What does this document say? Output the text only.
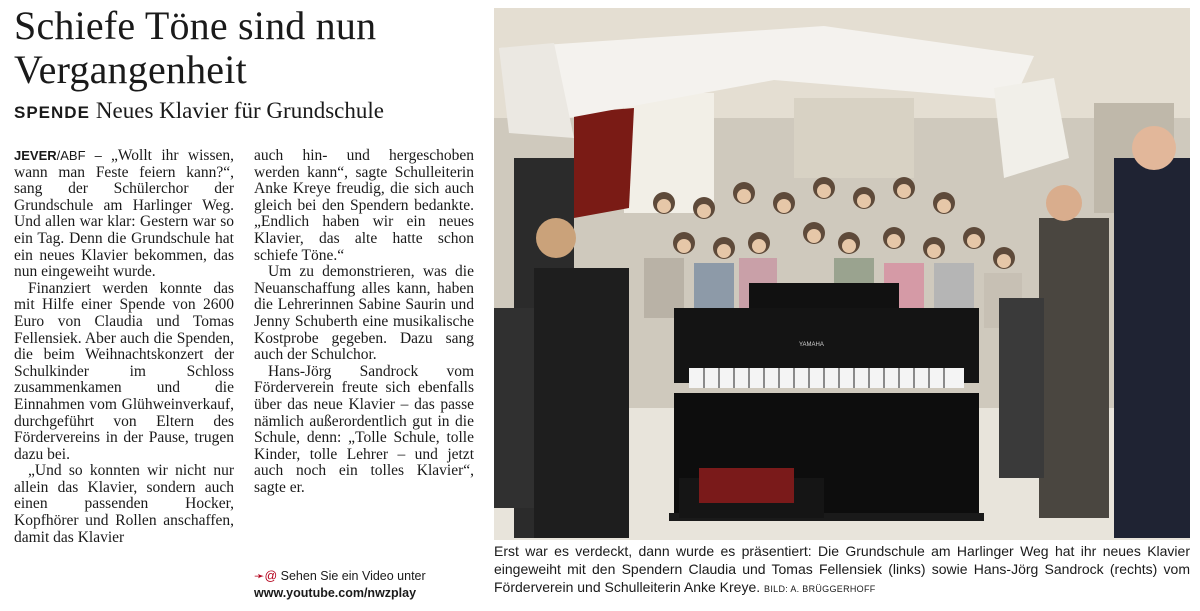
Schiefe Töne sind nun Vergangenheit
SPENDE Neues Klavier für Grundschule

JEVER/ABF – „Wollt ihr wissen, wann man Feste feiern kann?“, sang der Schülerchor der Grundschule am Harlinger Weg. Und allen war klar: Gestern war so ein Tag. Denn die Grundschule hat ein neues Klavier bekommen, das nun eingeweiht wurde.

Finanziert werden konnte das mit Hilfe einer Spende von 2600 Euro von Claudia und Tomas Fellensiek. Aber auch die Spenden, die beim Weihnachtskonzert der Schulkinder im Schloss zusammenkamen und die Einnahmen vom Glühweinverkauf, durchgeführt von Eltern des Fördervereins in der Pause, trugen dazu bei.

„Und so konnten wir nicht nur allein das Klavier, sondern auch einen passenden Hocker, Kopfhörer und Rollen anschaffen, damit das Klavier

auch hin- und hergeschoben werden kann“, sagte Schulleiterin Anke Kreye freudig, die sich auch gleich bei den Spendern bedankte. „Endlich haben wir ein neues Klavier, das alte hatte schon schiefe Töne.“

Um zu demonstrieren, was die Neuanschaffung alles kann, haben die Lehrerinnen Sabine Saurin und Jenny Schuberth eine musikalische Kostprobe gegeben. Dazu sang auch der Schulchor.

Hans-Jörg Sandrock vom Förderverein freute sich ebenfalls über das neue Klavier – das passe nämlich außerordentlich gut in die Schule, denn: „Tolle Schule, tolle Kinder, tolle Lehrer – und jetzt auch noch ein tolles Klavier“, sagte er.

➛@ Sehen Sie ein Video unter
www.youtube.com/nwzplay
YAMAHA
Erst war es verdeckt, dann wurde es präsentiert: Die Grundschule am Harlinger Weg hat ihr neues Klavier eingeweiht mit den Spendern Claudia und Tomas Fellensiek (links) sowie Hans-Jörg Sandrock (rechts) vom Förderverein und Schulleiterin Anke Kreye. BILD: A. BRÜGGERHOFF
